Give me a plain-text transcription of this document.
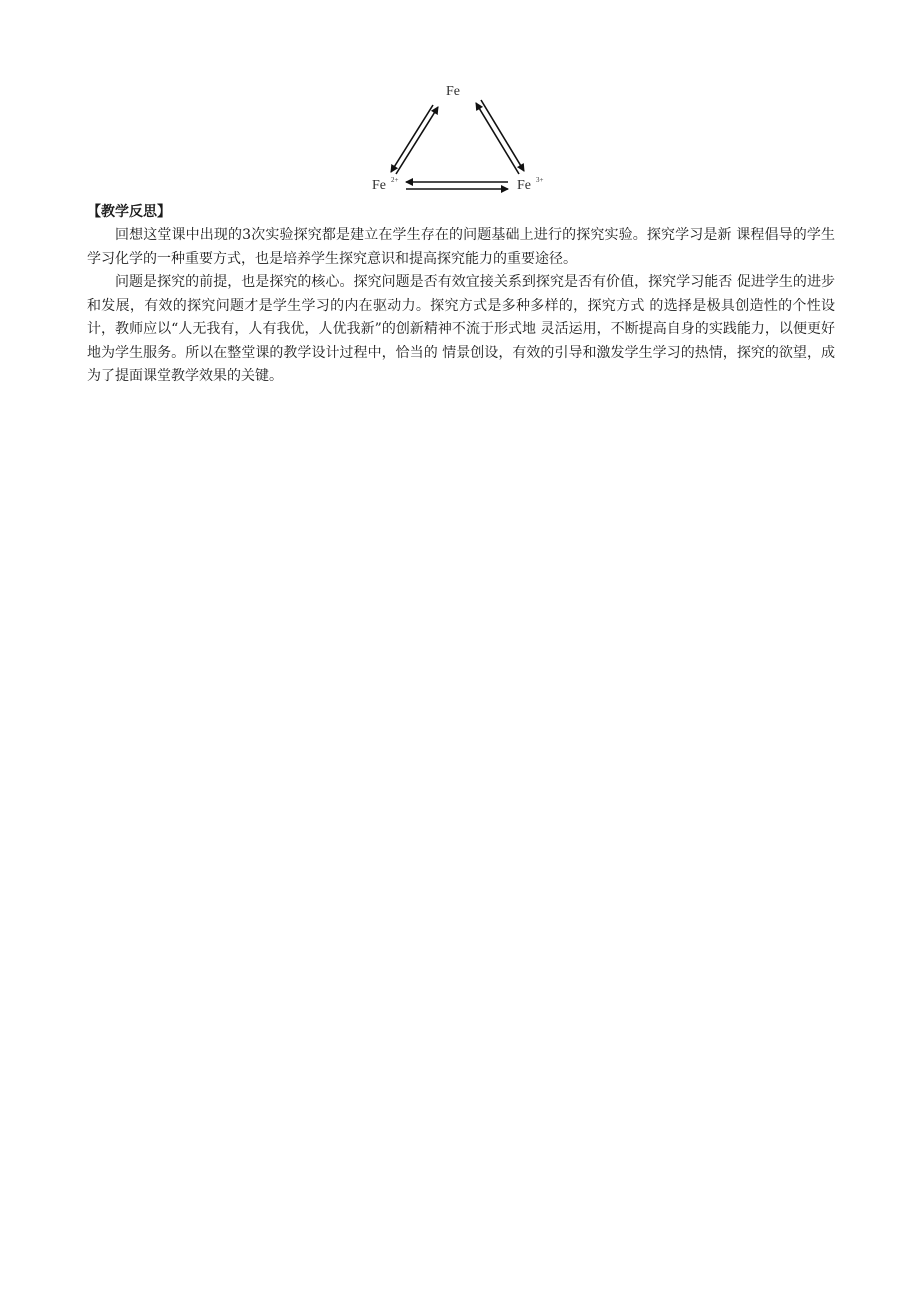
Fe
Fe 2+	Fe 3+

【教学反思】

回想这堂课中出现的3次实验探究都是建立在学生存在的问题基础上进行的探究实验。探究学习是新 课程倡导的学生学习化学的一种重要方式，也是培养学生探究意识和提高探究能力的重要途径。

问题是探究的前提，也是探究的核心。探究问题是否有效宜接关系到探究是否有价值，探究学习能否 促进学生的进步和发展，有效的探究问题才是学生学习的内在驱动力。探究方式是多种多样的，探究方式 的选择是极具创造性的个性设计，教师应以“人无我有，人有我优，人优我新”的创新精神不流于形式地 灵活运用，不断提高自身的实践能力，以便更好地为学生服务。所以在整堂课的教学设计过程中，恰当的 情景创设，有效的引导和激发学生学习的热情，探究的欲望，成为了提面课堂教学效果的关键。
